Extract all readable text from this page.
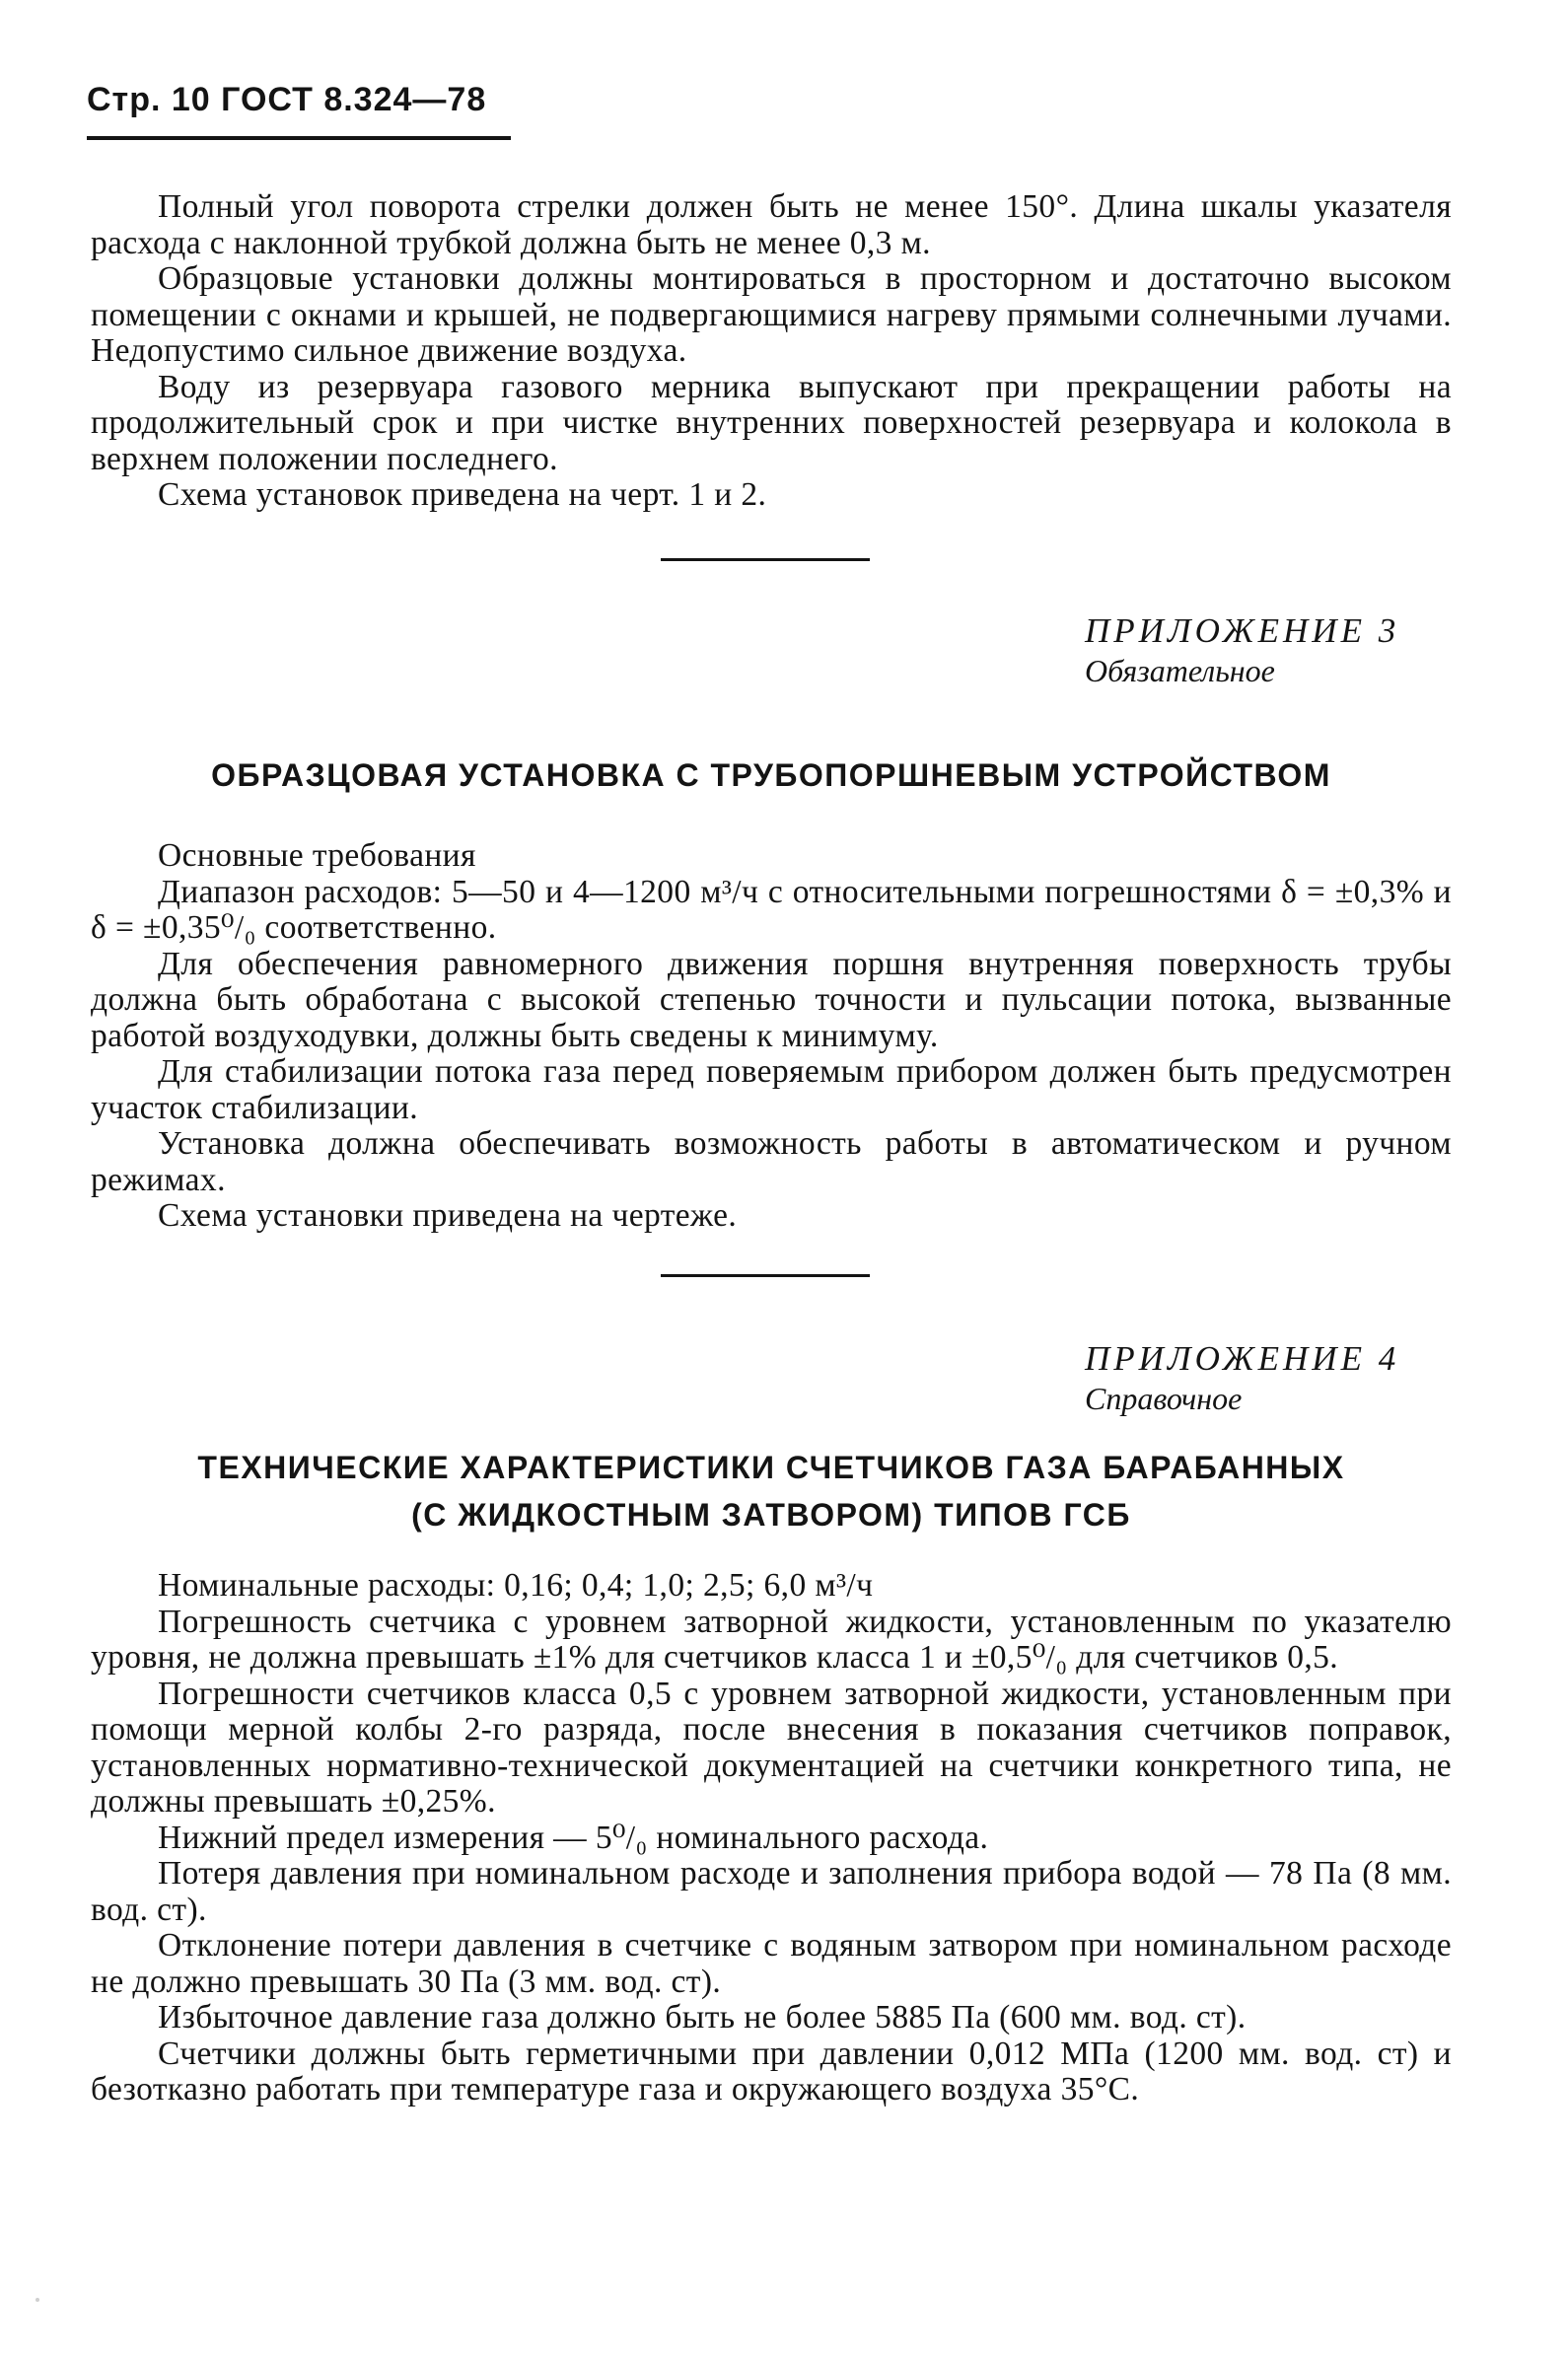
Стр. 10 ГОСТ 8.324—78

Полный угол поворота стрелки должен быть не менее 150°. Длина шкалы указателя расхода с наклонной трубкой должна быть не менее 0,3 м.

Образцовые установки должны монтироваться в просторном и достаточно высоком помещении с окнами и крышей, не подвергающимися нагреву прямыми солнечными лучами. Недопустимо сильное движение воздуха.

Воду из резервуара газового мерника выпускают при прекращении работы на продолжительный срок и при чистке внутренних поверхностей резервуара и колокола в верхнем положении последнего.

Схема установок приведена на черт. 1 и 2.

ПРИЛОЖЕНИЕ 3
Обязательное
ОБРАЗЦОВАЯ УСТАНОВКА С ТРУБОПОРШНЕВЫМ УСТРОЙСТВОМ

Основные требования

Диапазон расходов: 5—50 и 4—1200 м³/ч с относительными погрешностями δ = ±0,3% и δ = ±0,35⁰/₀ соответственно.

Для обеспечения равномерного движения поршня внутренняя поверхность трубы должна быть обработана с высокой степенью точности и пульсации потока, вызванные работой воздуходувки, должны быть сведены к минимуму.

Для стабилизации потока газа перед поверяемым прибором должен быть предусмотрен участок стабилизации.

Установка должна обеспечивать возможность работы в автоматическом и ручном режимах.

Схема установки приведена на чертеже.

ПРИЛОЖЕНИЕ 4
Справочное
ТЕХНИЧЕСКИЕ ХАРАКТЕРИСТИКИ СЧЕТЧИКОВ ГАЗА БАРАБАННЫХ
(С ЖИДКОСТНЫМ ЗАТВОРОМ) ТИПОВ ГСБ

Номинальные расходы: 0,16; 0,4; 1,0; 2,5; 6,0 м³/ч

Погрешность счетчика с уровнем затворной жидкости, установленным по указателю уровня, не должна превышать ±1% для счетчиков класса 1 и ±0,5⁰/₀ для счетчиков 0,5.

Погрешности счетчиков класса 0,5 с уровнем затворной жидкости, установленным при помощи мерной колбы 2-го разряда, после внесения в показания счетчиков поправок, установленных нормативно-технической документацией на счетчики конкретного типа, не должны превышать ±0,25%.

Нижний предел измерения — 5⁰/₀ номинального расхода.

Потеря давления при номинальном расходе и заполнения прибора водой — 78 Па (8 мм. вод. ст).

Отклонение потери давления в счетчике с водяным затвором при номинальном расходе не должно превышать 30 Па (3 мм. вод. ст).

Избыточное давление газа должно быть не более 5885 Па (600 мм. вод. ст).

Счетчики должны быть герметичными при давлении 0,012 МПа (1200 мм. вод. ст) и безотказно работать при температуре газа и окружающего воздуха 35°С.
